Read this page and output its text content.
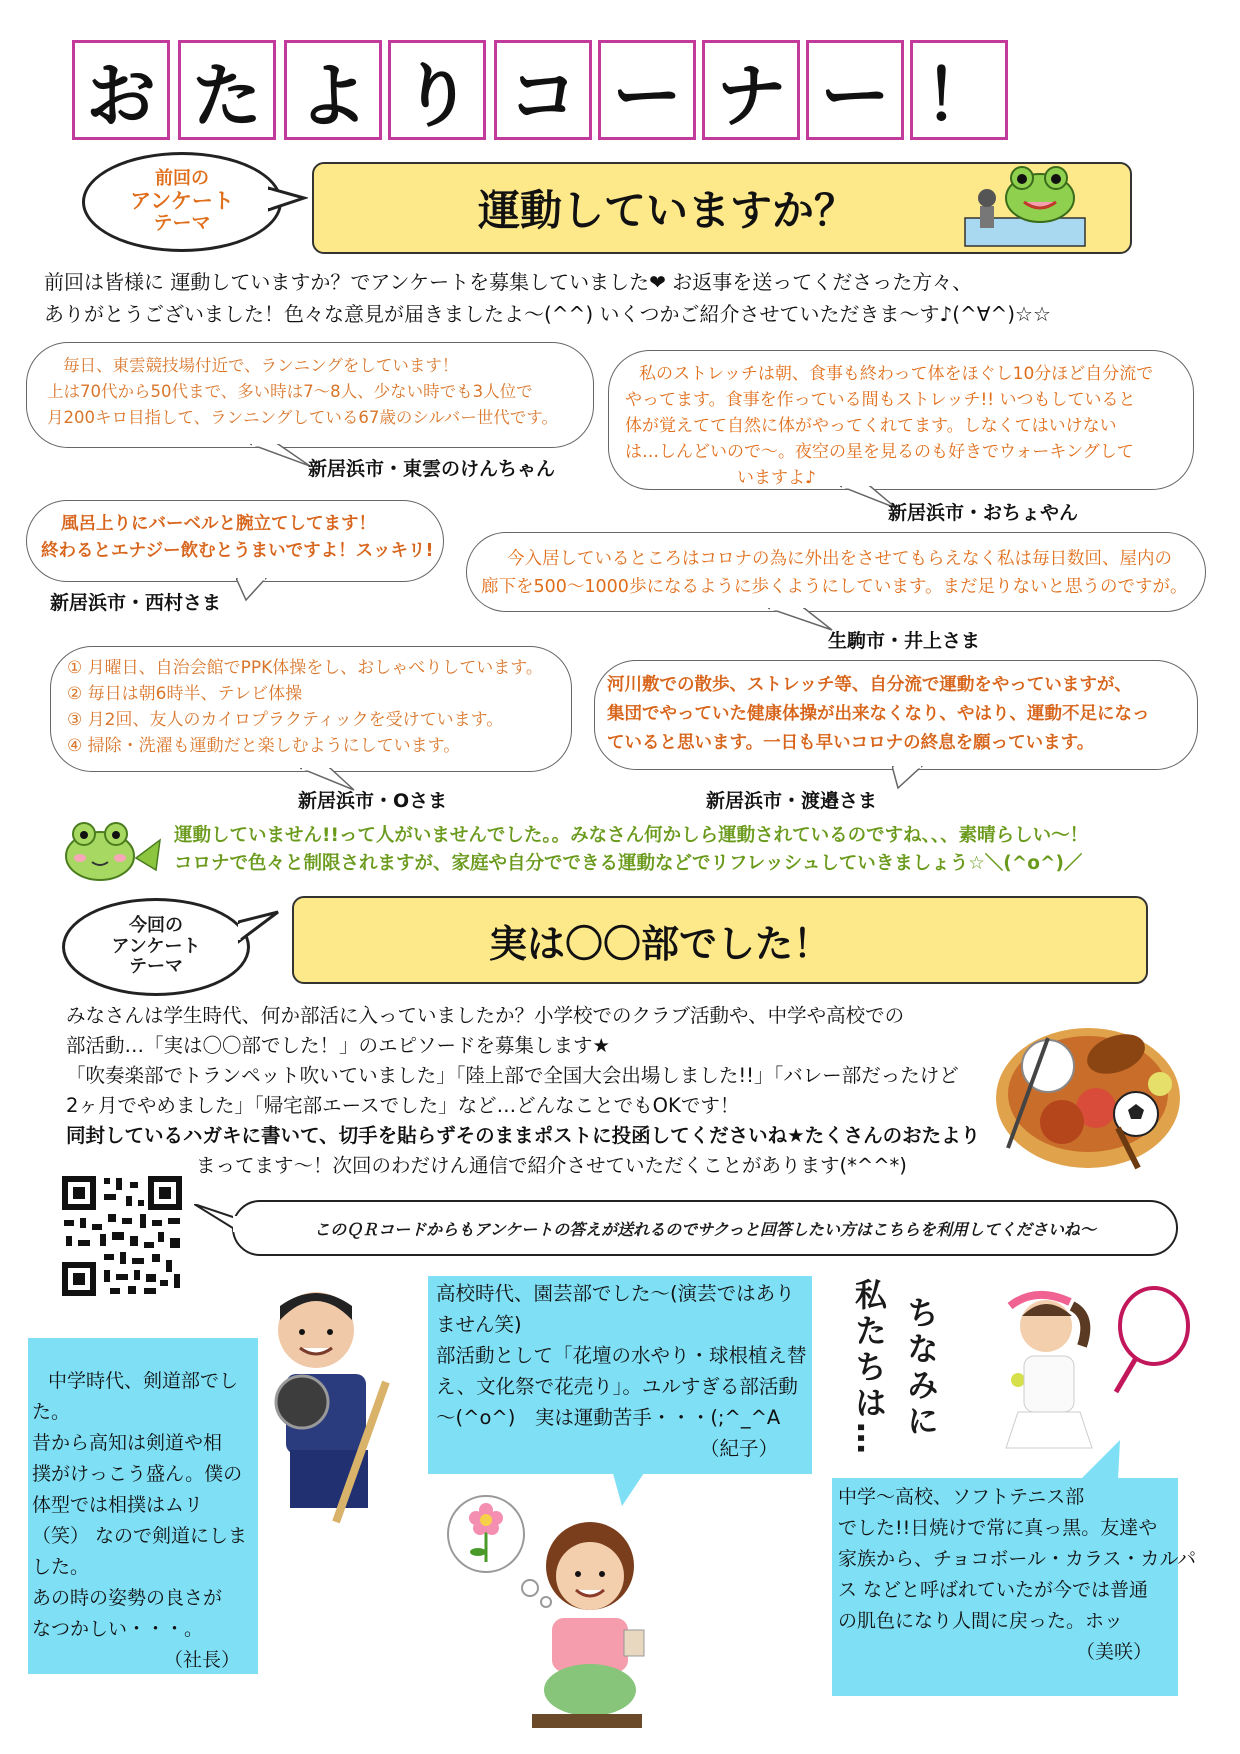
お た よ り コ ー ナ ー ！
前回の
アンケート
テーマ	運動していますか？
前回は皆様に 運動していますか？でアンケートを募集していました❤ お返事を送ってくださった方々、
ありがとうございました！色々な意見が届きましたよ～(^^) いくつかご紹介させていただきま～す♪(^∀^)☆☆
毎日、東雲競技場付近で、ランニングをしています！
上は70代から50代まで、多い時は7～8人、少ない時でも3人位で
月200キロ目指して、ランニングしている67歳のシルバー世代です。
新居浜市・東雲のけんちゃん
私のストレッチは朝、食事も終わって体をほぐし10分ほど自分流で
やってます。食事を作っている間もストレッチ!! いつもしていると
体が覚えてて自然に体がやってくれてます。しなくてはいけない
は…しんどいので～。夜空の星を見るのも好きでウォーキングして
いますよ♪
新居浜市・おちょやん
風呂上りにバーベルと腕立てしてます！
終わるとエナジー飲むとうまいですよ！スッキリ!
新居浜市・西村さま
今入居しているところはコロナの為に外出をさせてもらえなく私は毎日数回、屋内の
廊下を500～1000歩になるように歩くようにしています。まだ足りないと思うのですが。
生駒市・井上さま
① 月曜日、自治会館でPPK体操をし、おしゃべりしています。
② 毎日は朝6時半、テレビ体操
③ 月2回、友人のカイロプラクティックを受けています。
④ 掃除・洗濯も運動だと楽しむようにしています。
新居浜市・Oさま
河川敷での散歩、ストレッチ等、自分流で運動をやっていますが、
集団でやっていた健康体操が出来なくなり、やはり、運動不足になっ
ていると思います。一日も早いコロナの終息を願っています。
新居浜市・渡邉さま
運動していません!!って人がいませんでした。。みなさん何かしら運動されているのですね、、、素晴らしい～！
コロナで色々と制限されますが、家庭や自分でできる運動などでリフレッシュしていきましょう☆＼(^o^)／
今回の
アンケート
テーマ
実は〇〇部でした！
みなさんは学生時代、何か部活に入っていましたか？小学校でのクラブ活動や、中学や高校での
部活動…「実は〇〇部でした！」のエピソードを募集します★
「吹奏楽部でトランペット吹いていました」「陸上部で全国大会出場しました!!」「バレー部だったけど
2ヶ月でやめました」「帰宅部エースでした」など…どんなことでもOKです！
同封しているハガキに書いて、切手を貼らずそのままポストに投函してくださいね★たくさんのおたより
まってます～！次回のわだけん通信で紹介させていただくことがあります(*^^*)
このＱＲコードからもアンケートの答えが送れるのでサクっと回答したい方はこちらを利用してくださいね～
中学時代、剣道部でし
た。
昔から高知は剣道や相
撲がけっこう盛ん。僕の
体型では相撲はムリ
（笑） なので剣道にしま
した。
あの時の姿勢の良さが
なつかしい・・・。
（社長）
高校時代、園芸部でした～(演芸ではあり
ません笑)
部活動として「花壇の水やり・球根植え替
え、文化祭で花売り」。ユルすぎる部活動
～(^o^)　実は運動苦手・・・(;^_^A
（紀子）
ちなみに
私たちは…
中学～高校、ソフトテニス部
でした!!日焼けで常に真っ黒。友達や
家族から、チョコボール・カラス・カルパ
ス などと呼ばれていたが今では普通
の肌色になり人間に戻った。ホッ
（美咲）
